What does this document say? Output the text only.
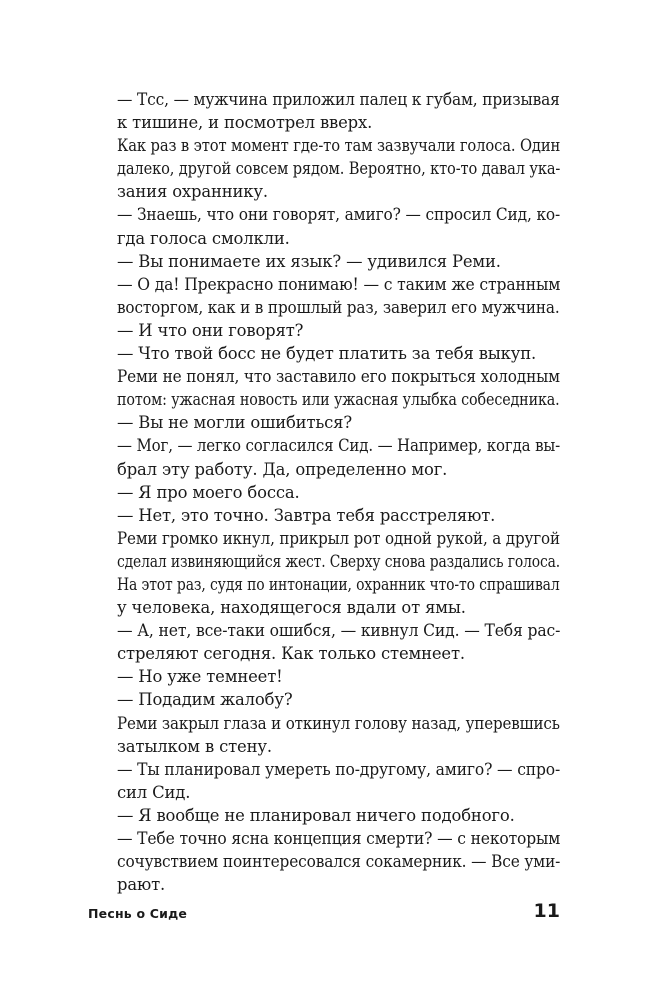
— Тсс, — мужчина приложил палец к губам, призывая
к тишине, и посмотрел вверх.
Как раз в этот момент где-то там зазвучали голоса. Один
далеко, другой совсем рядом. Вероятно, кто-то давал ука-
зания охраннику.
— Знаешь, что они говорят, амиго? — спросил Сид, ко-
гда голоса смолкли.
— Вы понимаете их язык? — удивился Реми.
— О да! Прекрасно понимаю! — с таким же странным
восторгом, как и в прошлый раз, заверил его мужчина.
— И что они говорят?
— Что твой босс не будет платить за тебя выкуп.
Реми не понял, что заставило его покрыться холодным
потом: ужасная новость или ужасная улыбка собеседника.
— Вы не могли ошибиться?
— Мог, — легко согласился Сид. — Например, когда вы-
брал эту работу. Да, определенно мог.
— Я про моего босса.
— Нет, это точно. Завтра тебя расстреляют.
Реми громко икнул, прикрыл рот одной рукой, а другой
сделал извиняющийся жест. Сверху снова раздались голоса.
На этот раз, судя по интонации, охранник что-то спрашивал
у человека, находящегося вдали от ямы.
— А, нет, все-таки ошибся, — кивнул Сид. — Тебя рас-
стреляют сегодня. Как только стемнеет.
— Но уже темнеет!
— Подадим жалобу?
Реми закрыл глаза и откинул голову назад, уперевшись
затылком в стену.
— Ты планировал умереть по-другому, амиго? — спро-
сил Сид.
— Я вообще не планировал ничего подобного.
— Тебе точно ясна концепция смерти? — с некоторым
сочувствием поинтересовался сокамерник. — Все уми-
рают.
Песнь о Сиде	11
